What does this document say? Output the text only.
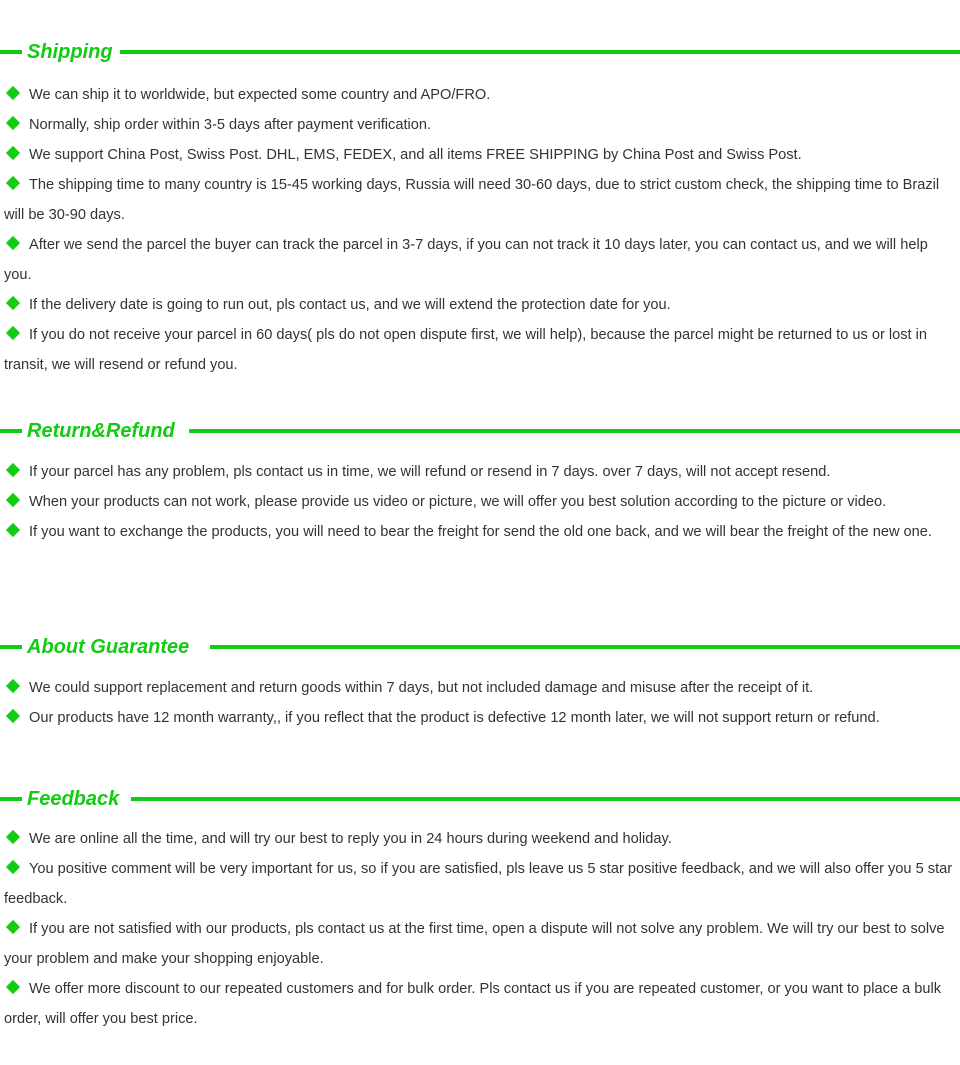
Shipping
We can ship it to worldwide, but expected some country and APO/FRO.
Normally, ship order within 3-5 days after payment verification.
We support China Post, Swiss Post. DHL, EMS, FEDEX, and all items FREE SHIPPING by China Post and Swiss Post.
The shipping time to many country is 15-45 working days, Russia will need 30-60 days, due to strict custom check, the shipping time to Brazil will be 30-90 days.
After we send the parcel the buyer can track the parcel in 3-7 days, if you can not track it 10 days later, you can contact us, and we will help you.
If the delivery date is going to run out, pls contact us, and we will extend the protection date for you.
If you do not receive your parcel in 60 days( pls do not open dispute first, we will help), because the parcel might be returned to us or lost in transit, we will resend or refund you.
Return&Refund
If your parcel has any problem, pls contact us in time, we will refund or resend in 7 days. over 7 days, will not accept resend.
When your products can not work, please provide us video or picture, we will offer you best solution according to the picture or video.
If you want to exchange the products, you will need to bear the freight for send the old one back, and we will bear the freight of the new one.
About Guarantee
We could support replacement and return goods within 7 days, but not included damage and misuse after the receipt of it.
Our products have 12 month warranty,, if you reflect that the product is defective 12 month later, we will not support return or refund.
Feedback
We are online all the time, and will try our best to reply you in 24 hours during weekend and holiday.
You positive comment will be very important for us, so if you are satisfied, pls leave us 5 star positive feedback, and we will also offer you 5 star feedback.
If you are not satisfied with our products, pls contact us at the first time, open a dispute will not solve any problem. We will try our best to solve your problem and make your shopping enjoyable.
We offer more discount to our repeated customers and for bulk order. Pls contact us if you are repeated customer, or you want to place a bulk order, will offer you best price.
